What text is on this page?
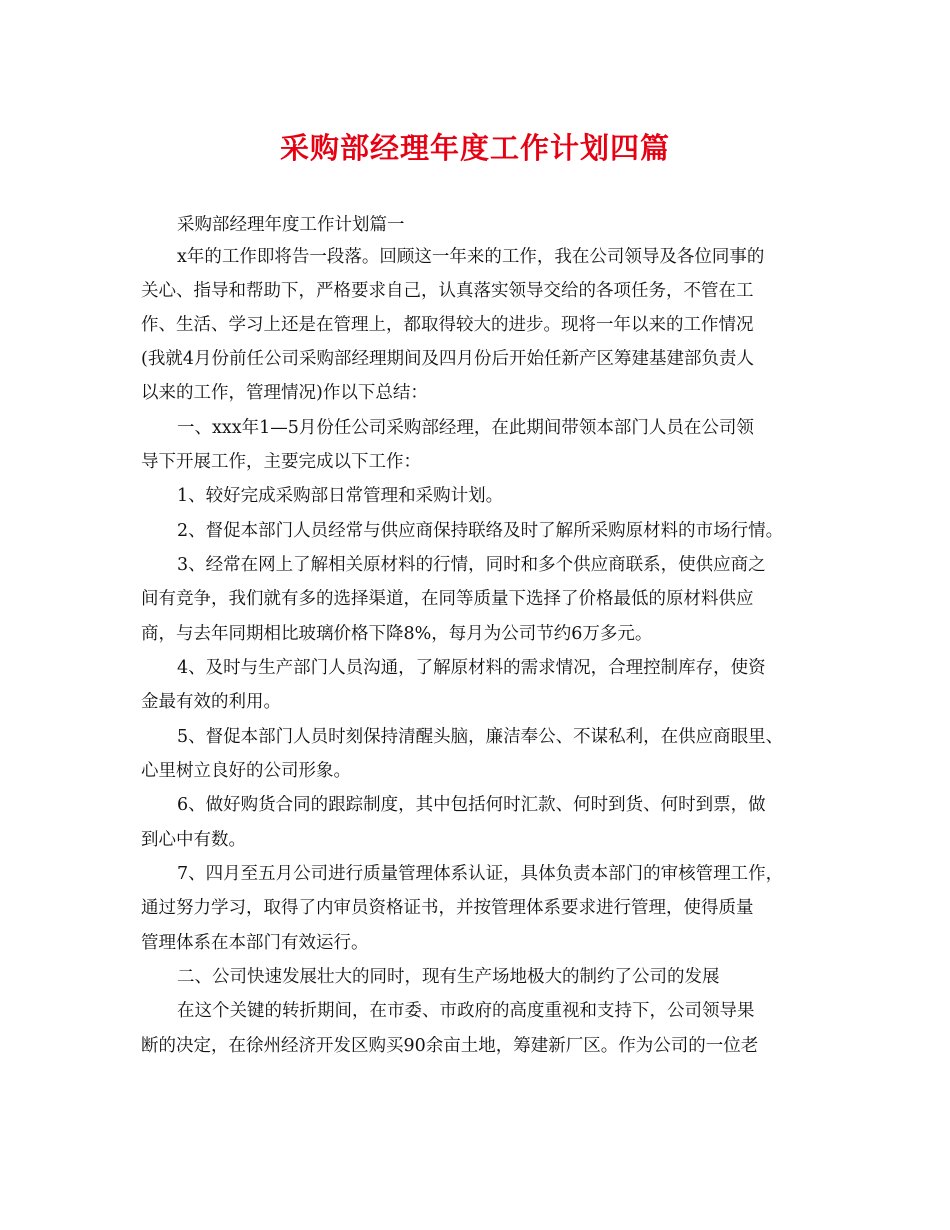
采购部经理年度工作计划四篇
采购部经理年度工作计划篇一
x年的工作即将告一段落。回顾这一年来的工作，我在公司领导及各位同事的
关心、指导和帮助下，严格要求自己，认真落实领导交给的各项任务，不管在工
作、生活、学习上还是在管理上，都取得较大的进步。现将一年以来的工作情况
(我就4月份前任公司采购部经理期间及四月份后开始任新产区筹建基建部负责人
以来的工作，管理情况)作以下总结：
一、xxx年1—5月份任公司采购部经理，在此期间带领本部门人员在公司领
导下开展工作，主要完成以下工作：
1、较好完成采购部日常管理和采购计划。
2、督促本部门人员经常与供应商保持联络及时了解所采购原材料的市场行情。
3、经常在网上了解相关原材料的行情，同时和多个供应商联系，使供应商之
间有竞争，我们就有多的选择渠道，在同等质量下选择了价格最低的原材料供应
商，与去年同期相比玻璃价格下降8%，每月为公司节约6万多元。
4、及时与生产部门人员沟通，了解原材料的需求情况，合理控制库存，使资
金最有效的利用。
5、督促本部门人员时刻保持清醒头脑，廉洁奉公、不谋私利，在供应商眼里、
心里树立良好的公司形象。
6、做好购货合同的跟踪制度，其中包括何时汇款、何时到货、何时到票，做
到心中有数。
7、四月至五月公司进行质量管理体系认证，具体负责本部门的审核管理工作，
通过努力学习，取得了内审员资格证书，并按管理体系要求进行管理，使得质量
管理体系在本部门有效运行。
二、公司快速发展壮大的同时，现有生产场地极大的制约了公司的发展
在这个关键的转折期间，在市委、市政府的高度重视和支持下，公司领导果
断的决定，在徐州经济开发区购买90余亩土地，筹建新厂区。作为公司的一位老
